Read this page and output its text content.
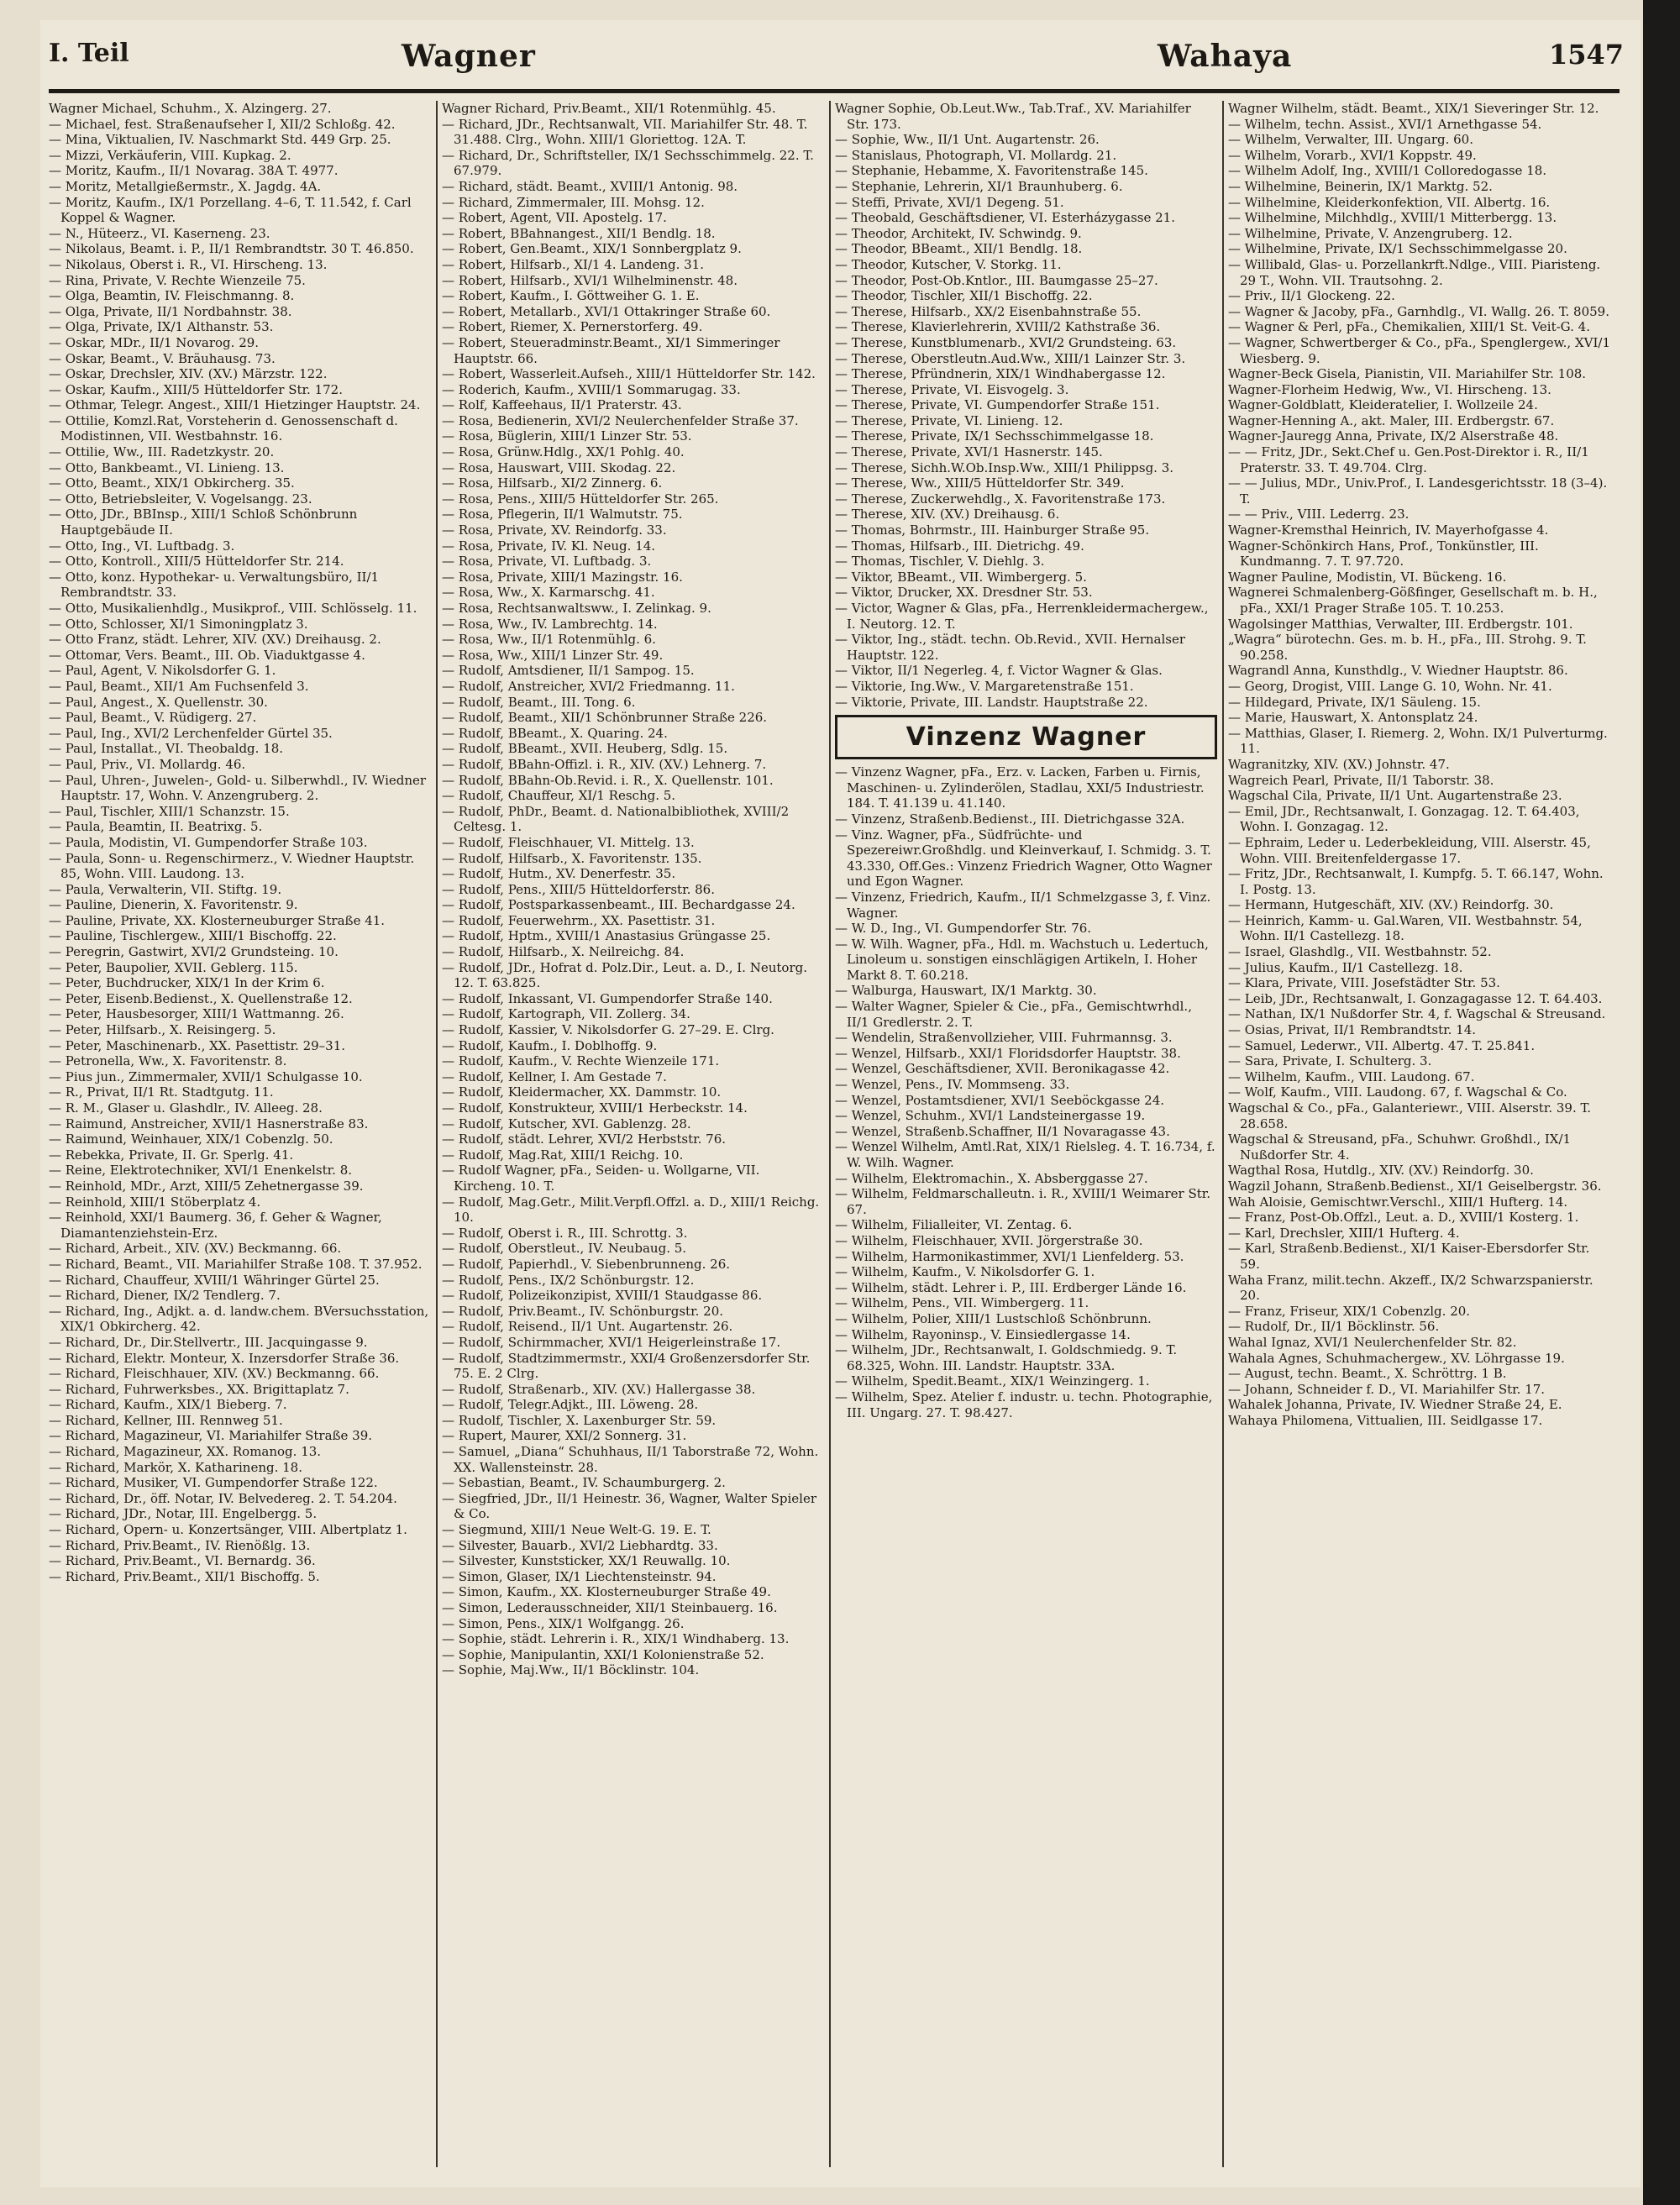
I. Teil	Wagner	Wahaya	1547

Wagner Michael, Schuhm., X. Alzingerg. 27.

— Michael, fest. Straßenaufseher I, XII/2 Schloßg. 42.

— Mina, Viktualien, IV. Naschmarkt Std. 449 Grp. 25.

— Mizzi, Verkäuferin, VIII. Kupkag. 2.

— Moritz, Kaufm., II/1 Novarag. 38A T. 4977.

— Moritz, Metallgießermstr., X. Jagdg. 4A.

— Moritz, Kaufm., IX/1 Porzellang. 4–6, T. 11.542, f. Carl Koppel & Wagner.

— N., Hüteerz., VI. Kaserneng. 23.

— Nikolaus, Beamt. i. P., II/1 Rembrandtstr. 30 T. 46.850.

— Nikolaus, Oberst i. R., VI. Hirscheng. 13.

— Rina, Private, V. Rechte Wienzeile 75.

— Olga, Beamtin, IV. Fleischmanng. 8.

— Olga, Private, II/1 Nordbahnstr. 38.

— Olga, Private, IX/1 Althanstr. 53.

— Oskar, MDr., II/1 Novarog. 29.

— Oskar, Beamt., V. Bräuhausg. 73.

— Oskar, Drechsler, XIV. (XV.) Märzstr. 122.

— Oskar, Kaufm., XIII/5 Hütteldorfer Str. 172.

— Othmar, Telegr. Angest., XIII/1 Hietzinger Hauptstr. 24.

— Ottilie, Komzl.Rat, Vorsteherin d. Genossenschaft d. Modistinnen, VII. Westbahnstr. 16.

— Ottilie, Ww., III. Radetzkystr. 20.

— Otto, Bankbeamt., VI. Linieng. 13.

— Otto, Beamt., XIX/1 Obkircherg. 35.

— Otto, Betriebsleiter, V. Vogelsangg. 23.

— Otto, JDr., BBInsp., XIII/1 Schloß Schönbrunn Hauptgebäude II.

— Otto, Ing., VI. Luftbadg. 3.

— Otto, Kontroll., XIII/5 Hütteldorfer Str. 214.

— Otto, konz. Hypothekar- u. Verwaltungsbüro, II/1 Rembrandtstr. 33.

— Otto, Musikalienhdlg., Musikprof., VIII. Schlösselg. 11.

— Otto, Schlosser, XI/1 Simoningplatz 3.

— Otto Franz, städt. Lehrer, XIV. (XV.) Dreihausg. 2.

— Ottomar, Vers. Beamt., III. Ob. Viaduktgasse 4.

— Paul, Agent, V. Nikolsdorfer G. 1.

— Paul, Beamt., XII/1 Am Fuchsenfeld 3.

— Paul, Angest., X. Quellenstr. 30.

— Paul, Beamt., V. Rüdigerg. 27.

— Paul, Ing., XVI/2 Lerchenfelder Gürtel 35.

— Paul, Installat., VI. Theobaldg. 18.

— Paul, Priv., VI. Mollardg. 46.

— Paul, Uhren-, Juwelen-, Gold- u. Silberwhdl., IV. Wiedner Hauptstr. 17, Wohn. V. Anzengruberg. 2.

— Paul, Tischler, XIII/1 Schanzstr. 15.

— Paula, Beamtin, II. Beatrixg. 5.

— Paula, Modistin, VI. Gumpendorfer Straße 103.

— Paula, Sonn- u. Regenschirmerz., V. Wiedner Hauptstr. 85, Wohn. VIII. Laudong. 13.

— Paula, Verwalterin, VII. Stiftg. 19.

— Pauline, Dienerin, X. Favoritenstr. 9.

— Pauline, Private, XX. Klosterneuburger Straße 41.

— Pauline, Tischlergew., XIII/1 Bischoffg. 22.

— Peregrin, Gastwirt, XVI/2 Grundsteing. 10.

— Peter, Baupolier, XVII. Geblerg. 115.

— Peter, Buchdrucker, XIX/1 In der Krim 6.

— Peter, Eisenb.Bedienst., X. Quellenstraße 12.

— Peter, Hausbesorger, XIII/1 Wattmanng. 26.

— Peter, Hilfsarb., X. Reisingerg. 5.

— Peter, Maschinenarb., XX. Pasettistr. 29–31.

— Petronella, Ww., X. Favoritenstr. 8.

— Pius jun., Zimmermaler, XVII/1 Schulgasse 10.

— R., Privat, II/1 Rt. Stadtgutg. 11.

— R. M., Glaser u. Glashdlr., IV. Alleeg. 28.

— Raimund, Anstreicher, XVII/1 Hasnerstraße 83.

— Raimund, Weinhauer, XIX/1 Cobenzlg. 50.

— Rebekka, Private, II. Gr. Sperlg. 41.

— Reine, Elektrotechniker, XVI/1 Enenkelstr. 8.

— Reinhold, MDr., Arzt, XIII/5 Zehetnergasse 39.

— Reinhold, XIII/1 Stöberplatz 4.

— Reinhold, XXI/1 Baumerg. 36, f. Geher & Wagner, Diamantenziehstein-Erz.

— Richard, Arbeit., XIV. (XV.) Beckmanng. 66.

— Richard, Beamt., VII. Mariahilfer Straße 108. T. 37.952.

— Richard, Chauffeur, XVIII/1 Währinger Gürtel 25.

— Richard, Diener, IX/2 Tendlerg. 7.

— Richard, Ing., Adjkt. a. d. landw.chem. BVersuchsstation, XIX/1 Obkircherg. 42.

— Richard, Dr., Dir.Stellvertr., III. Jacquingasse 9.

— Richard, Elektr. Monteur, X. Inzersdorfer Straße 36.

— Richard, Fleischhauer, XIV. (XV.) Beckmanng. 66.

— Richard, Fuhrwerksbes., XX. Brigittaplatz 7.

— Richard, Kaufm., XIX/1 Bieberg. 7.

— Richard, Kellner, III. Rennweg 51.

— Richard, Magazineur, VI. Mariahilfer Straße 39.

— Richard, Magazineur, XX. Romanog. 13.

— Richard, Markör, X. Katharineng. 18.

— Richard, Musiker, VI. Gumpendorfer Straße 122.

— Richard, Dr., öff. Notar, IV. Belvedereg. 2. T. 54.204.

— Richard, JDr., Notar, III. Engelbergg. 5.

— Richard, Opern- u. Konzertsänger, VIII. Albertplatz 1.

— Richard, Priv.Beamt., IV. Rienößlg. 13.

— Richard, Priv.Beamt., VI. Bernardg. 36.

— Richard, Priv.Beamt., XII/1 Bischoffg. 5.

Wagner Richard, Priv.Beamt., XII/1 Rotenmühlg. 45.

— Richard, JDr., Rechtsanwalt, VII. Mariahilfer Str. 48. T. 31.488. Clrg., Wohn. XIII/1 Gloriettog. 12A. T.

— Richard, Dr., Schriftsteller, IX/1 Sechsschimmelg. 22. T. 67.979.

— Richard, städt. Beamt., XVIII/1 Antonig. 98.

— Richard, Zimmermaler, III. Mohsg. 12.

— Robert, Agent, VII. Apostelg. 17.

— Robert, BBahnangest., XII/1 Bendlg. 18.

— Robert, Gen.Beamt., XIX/1 Sonnbergplatz 9.

— Robert, Hilfsarb., XI/1 4. Landeng. 31.

— Robert, Hilfsarb., XVI/1 Wilhelminenstr. 48.

— Robert, Kaufm., I. Göttweiher G. 1. E.

— Robert, Metallarb., XVI/1 Ottakringer Straße 60.

— Robert, Riemer, X. Pernerstorferg. 49.

— Robert, Steueradminstr.Beamt., XI/1 Simmeringer Hauptstr. 66.

— Robert, Wasserleit.Aufseh., XIII/1 Hütteldorfer Str. 142.

— Roderich, Kaufm., XVIII/1 Sommarugag. 33.

— Rolf, Kaffeehaus, II/1 Praterstr. 43.

— Rosa, Bedienerin, XVI/2 Neulerchenfelder Straße 37.

— Rosa, Büglerin, XIII/1 Linzer Str. 53.

— Rosa, Grünw.Hdlg., XX/1 Pohlg. 40.

— Rosa, Hauswart, VIII. Skodag. 22.

— Rosa, Hilfsarb., XI/2 Zinnerg. 6.

— Rosa, Pens., XIII/5 Hütteldorfer Str. 265.

— Rosa, Pflegerin, II/1 Walmutstr. 75.

— Rosa, Private, XV. Reindorfg. 33.

— Rosa, Private, IV. Kl. Neug. 14.

— Rosa, Private, VI. Luftbadg. 3.

— Rosa, Private, XIII/1 Mazingstr. 16.

— Rosa, Ww., X. Karmarschg. 41.

— Rosa, Rechtsanwaltsww., I. Zelinkag. 9.

— Rosa, Ww., IV. Lambrechtg. 14.

— Rosa, Ww., II/1 Rotenmühlg. 6.

— Rosa, Ww., XIII/1 Linzer Str. 49.

— Rudolf, Amtsdiener, II/1 Sampog. 15.

— Rudolf, Anstreicher, XVI/2 Friedmanng. 11.

— Rudolf, Beamt., III. Tong. 6.

— Rudolf, Beamt., XII/1 Schönbrunner Straße 226.

— Rudolf, BBeamt., X. Quaring. 24.

— Rudolf, BBeamt., XVII. Heuberg, Sdlg. 15.

— Rudolf, BBahn-Offizl. i. R., XIV. (XV.) Lehnerg. 7.

— Rudolf, BBahn-Ob.Revid. i. R., X. Quellenstr. 101.

— Rudolf, Chauffeur, XI/1 Reschg. 5.

— Rudolf, PhDr., Beamt. d. Nationalbibliothek, XVIII/2 Celtesg. 1.

— Rudolf, Fleischhauer, VI. Mittelg. 13.

— Rudolf, Hilfsarb., X. Favoritenstr. 135.

— Rudolf, Hutm., XV. Denerfestr. 35.

— Rudolf, Pens., XIII/5 Hütteldorferstr. 86.

— Rudolf, Postsparkassenbeamt., III. Bechardgasse 24.

— Rudolf, Feuerwehrm., XX. Pasettistr. 31.

— Rudolf, Hptm., XVIII/1 Anastasius Grüngasse 25.

— Rudolf, Hilfsarb., X. Neilreichg. 84.

— Rudolf, JDr., Hofrat d. Polz.Dir., Leut. a. D., I. Neutorg. 12. T. 63.825.

— Rudolf, Inkassant, VI. Gumpendorfer Straße 140.

— Rudolf, Kartograph, VII. Zollerg. 34.

— Rudolf, Kassier, V. Nikolsdorfer G. 27–29. E. Clrg.

— Rudolf, Kaufm., I. Doblhoffg. 9.

— Rudolf, Kaufm., V. Rechte Wienzeile 171.

— Rudolf, Kellner, I. Am Gestade 7.

— Rudolf, Kleidermacher, XX. Dammstr. 10.

— Rudolf, Konstrukteur, XVIII/1 Herbeckstr. 14.

— Rudolf, Kutscher, XVI. Gablenzg. 28.

— Rudolf, städt. Lehrer, XVI/2 Herbststr. 76.

— Rudolf, Mag.Rat, XIII/1 Reichg. 10.

— Rudolf Wagner, pFa., Seiden- u. Wollgarne, VII. Kircheng. 10. T.

— Rudolf, Mag.Getr., Milit.Verpfl.Offzl. a. D., XIII/1 Reichg. 10.

— Rudolf, Oberst i. R., III. Schrottg. 3.

— Rudolf, Oberstleut., IV. Neubaug. 5.

— Rudolf, Papierhdl., V. Siebenbrunneng. 26.

— Rudolf, Pens., IX/2 Schönburgstr. 12.

— Rudolf, Polizeikonzipist, XVIII/1 Staudgasse 86.

— Rudolf, Priv.Beamt., IV. Schönburgstr. 20.

— Rudolf, Reisend., II/1 Unt. Augartenstr. 26.

— Rudolf, Schirmmacher, XVI/1 Heigerleinstraße 17.

— Rudolf, Stadtzimmermstr., XXI/4 Großenzersdorfer Str. 75. E. 2 Clrg.

— Rudolf, Straßenarb., XIV. (XV.) Hallergasse 38.

— Rudolf, Telegr.Adjkt., III. Löweng. 28.

— Rudolf, Tischler, X. Laxenburger Str. 59.

— Rupert, Maurer, XXI/2 Sonnerg. 31.

— Samuel, „Diana“ Schuhhaus, II/1 Taborstraße 72, Wohn. XX. Wallensteinstr. 28.

— Sebastian, Beamt., IV. Schaumburgerg. 2.

— Siegfried, JDr., II/1 Heinestr. 36, Wagner, Walter Spieler & Co.

— Siegmund, XIII/1 Neue Welt-G. 19. E. T.

— Silvester, Bauarb., XVI/2 Liebhardtg. 33.

— Silvester, Kunststicker, XX/1 Reuwallg. 10.

— Simon, Glaser, IX/1 Liechtensteinstr. 94.

— Simon, Kaufm., XX. Klosterneuburger Straße 49.

— Simon, Lederausschneider, XII/1 Steinbauerg. 16.

— Simon, Pens., XIX/1 Wolfgangg. 26.

— Sophie, städt. Lehrerin i. R., XIX/1 Windhaberg. 13.

— Sophie, Manipulantin, XXI/1 Kolonienstraße 52.

— Sophie, Maj.Ww., II/1 Böcklinstr. 104.

Wagner Sophie, Ob.Leut.Ww., Tab.Traf., XV. Mariahilfer Str. 173.

— Sophie, Ww., II/1 Unt. Augartenstr. 26.

— Stanislaus, Photograph, VI. Mollardg. 21.

— Stephanie, Hebamme, X. Favoritenstraße 145.

— Stephanie, Lehrerin, XI/1 Braunhuberg. 6.

— Steffi, Private, XVI/1 Degeng. 51.

— Theobald, Geschäftsdiener, VI. Esterházygasse 21.

— Theodor, Architekt, IV. Schwindg. 9.

— Theodor, BBeamt., XII/1 Bendlg. 18.

— Theodor, Kutscher, V. Storkg. 11.

— Theodor, Post-Ob.Kntlor., III. Baumgasse 25–27.

— Theodor, Tischler, XII/1 Bischoffg. 22.

— Therese, Hilfsarb., XX/2 Eisenbahnstraße 55.

— Therese, Klavierlehrerin, XVIII/2 Kathstraße 36.

— Therese, Kunstblumenarb., XVI/2 Grundsteing. 63.

— Therese, Oberstleutn.Aud.Ww., XIII/1 Lainzer Str. 3.

— Therese, Pfründnerin, XIX/1 Windhabergasse 12.

— Therese, Private, VI. Eisvogelg. 3.

— Therese, Private, VI. Gumpendorfer Straße 151.

— Therese, Private, VI. Linieng. 12.

— Therese, Private, IX/1 Sechsschimmelgasse 18.

— Therese, Private, XVI/1 Hasnerstr. 145.

— Therese, Sichh.W.Ob.Insp.Ww., XIII/1 Philippsg. 3.

— Therese, Ww., XIII/5 Hütteldorfer Str. 349.

— Therese, Zuckerwehdlg., X. Favoritenstraße 173.

— Therese, XIV. (XV.) Dreihausg. 6.

— Thomas, Bohrmstr., III. Hainburger Straße 95.

— Thomas, Hilfsarb., III. Dietrichg. 49.

— Thomas, Tischler, V. Diehlg. 3.

— Viktor, BBeamt., VII. Wimbergerg. 5.

— Viktor, Drucker, XX. Dresdner Str. 53.

— Victor, Wagner & Glas, pFa., Herrenkleidermachergew., I. Neutorg. 12. T.

— Viktor, Ing., städt. techn. Ob.Revid., XVII. Hernalser Hauptstr. 122.

— Viktor, II/1 Negerleg. 4, f. Victor Wagner & Glas.

— Viktorie, Ing.Ww., V. Margaretenstraße 151.

— Viktorie, Private, III. Landstr. Hauptstraße 22.

Vinzenz Wagner

— Vinzenz Wagner, pFa., Erz. v. Lacken, Farben u. Firnis, Maschinen- u. Zylinderölen, Stadlau, XXI/5 Industriestr. 184. T. 41.139 u. 41.140.

— Vinzenz, Straßenb.Bedienst., III. Dietrichgasse 32A.

— Vinz. Wagner, pFa., Südfrüchte- und Spezereiwr.Großhdlg. und Kleinverkauf, I. Schmidg. 3. T. 43.330, Off.Ges.: Vinzenz Friedrich Wagner, Otto Wagner und Egon Wagner.

— Vinzenz, Friedrich, Kaufm., II/1 Schmelzgasse 3, f. Vinz. Wagner.

— W. D., Ing., VI. Gumpendorfer Str. 76.

— W. Wilh. Wagner, pFa., Hdl. m. Wachstuch u. Ledertuch, Linoleum u. sonstigen einschlägigen Artikeln, I. Hoher Markt 8. T. 60.218.

— Walburga, Hauswart, IX/1 Marktg. 30.

— Walter Wagner, Spieler & Cie., pFa., Gemischtwrhdl., II/1 Gredlerstr. 2. T.

— Wendelin, Straßenvollzieher, VIII. Fuhrmannsg. 3.

— Wenzel, Hilfsarb., XXI/1 Floridsdorfer Hauptstr. 38.

— Wenzel, Geschäftsdiener, XVII. Beronikagasse 42.

— Wenzel, Pens., IV. Mommseng. 33.

— Wenzel, Postamtsdiener, XVI/1 Seeböckgasse 24.

— Wenzel, Schuhm., XVI/1 Landsteinergasse 19.

— Wenzel, Straßenb.Schaffner, II/1 Novaragasse 43.

— Wenzel Wilhelm, Amtl.Rat, XIX/1 Rielsleg. 4. T. 16.734, f. W. Wilh. Wagner.

— Wilhelm, Elektromachin., X. Absberggasse 27.

— Wilhelm, Feldmarschalleutn. i. R., XVIII/1 Weimarer Str. 67.

— Wilhelm, Filialleiter, VI. Zentag. 6.

— Wilhelm, Fleischhauer, XVII. Jörgerstraße 30.

— Wilhelm, Harmonikastimmer, XVI/1 Lienfelderg. 53.

— Wilhelm, Kaufm., V. Nikolsdorfer G. 1.

— Wilhelm, städt. Lehrer i. P., III. Erdberger Lände 16.

— Wilhelm, Pens., VII. Wimbergerg. 11.

— Wilhelm, Polier, XIII/1 Lustschloß Schönbrunn.

— Wilhelm, Rayoninsp., V. Einsiedlergasse 14.

— Wilhelm, JDr., Rechtsanwalt, I. Goldschmiedg. 9. T. 68.325, Wohn. III. Landstr. Hauptstr. 33A.

— Wilhelm, Spedit.Beamt., XIX/1 Weinzingerg. 1.

— Wilhelm, Spez. Atelier f. industr. u. techn. Photographie, III. Ungarg. 27. T. 98.427.

Wagner Wilhelm, städt. Beamt., XIX/1 Sieveringer Str. 12.

— Wilhelm, techn. Assist., XVI/1 Arnethgasse 54.

— Wilhelm, Verwalter, III. Ungarg. 60.

— Wilhelm, Vorarb., XVI/1 Koppstr. 49.

— Wilhelm Adolf, Ing., XVIII/1 Colloredogasse 18.

— Wilhelmine, Beinerin, IX/1 Marktg. 52.

— Wilhelmine, Kleiderkonfektion, VII. Albertg. 16.

— Wilhelmine, Milchhdlg., XVIII/1 Mitterbergg. 13.

— Wilhelmine, Private, V. Anzengruberg. 12.

— Wilhelmine, Private, IX/1 Sechsschimmelgasse 20.

— Willibald, Glas- u. Porzellankrft.Ndlge., VIII. Piaristeng. 29 T., Wohn. VII. Trautsohng. 2.

— Priv., II/1 Glockeng. 22.

— Wagner & Jacoby, pFa., Garnhdlg., VI. Wallg. 26. T. 8059.

— Wagner & Perl, pFa., Chemikalien, XIII/1 St. Veit-G. 4.

— Wagner, Schwertberger & Co., pFa., Spenglergew., XVI/1 Wiesberg. 9.

Wagner-Beck Gisela, Pianistin, VII. Mariahilfer Str. 108.

Wagner-Florheim Hedwig, Ww., VI. Hirscheng. 13.

Wagner-Goldblatt, Kleideratelier, I. Wollzeile 24.

Wagner-Henning A., akt. Maler, III. Erdbergstr. 67.

Wagner-Jauregg Anna, Private, IX/2 Alserstraße 48.

— — Fritz, JDr., Sekt.Chef u. Gen.Post-Direktor i. R., II/1 Praterstr. 33. T. 49.704. Clrg.

— — Julius, MDr., Univ.Prof., I. Landesgerichtsstr. 18 (3–4). T.

— — Priv., VIII. Lederrg. 23.

Wagner-Kremsthal Heinrich, IV. Mayerhofgasse 4.

Wagner-Schönkirch Hans, Prof., Tonkünstler, III. Kundmanng. 7. T. 97.720.

Wagner Pauline, Modistin, VI. Bückeng. 16.

Wagnerei Schmalenberg-Gößfinger, Gesellschaft m. b. H., pFa., XXI/1 Prager Straße 105. T. 10.253.

Wagolsinger Matthias, Verwalter, III. Erdbergstr. 101.

„Wagra“ bürotechn. Ges. m. b. H., pFa., III. Strohg. 9. T. 90.258.

Wagrandl Anna, Kunsthdlg., V. Wiedner Hauptstr. 86.

— Georg, Drogist, VIII. Lange G. 10, Wohn. Nr. 41.

— Hildegard, Private, IX/1 Säuleng. 15.

— Marie, Hauswart, X. Antonsplatz 24.

— Matthias, Glaser, I. Riemerg. 2, Wohn. IX/1 Pulverturmg. 11.

Wagranitzky, XIV. (XV.) Johnstr. 47.

Wagreich Pearl, Private, II/1 Taborstr. 38.

Wagschal Cila, Private, II/1 Unt. Augartenstraße 23.

— Emil, JDr., Rechtsanwalt, I. Gonzagag. 12. T. 64.403, Wohn. I. Gonzagag. 12.

— Ephraim, Leder u. Lederbekleidung, VIII. Alserstr. 45, Wohn. VIII. Breitenfeldergasse 17.

— Fritz, JDr., Rechtsanwalt, I. Kumpfg. 5. T. 66.147, Wohn. I. Postg. 13.

— Hermann, Hutgeschäft, XIV. (XV.) Reindorfg. 30.

— Heinrich, Kamm- u. Gal.Waren, VII. Westbahnstr. 54, Wohn. II/1 Castellezg. 18.

— Israel, Glashdlg., VII. Westbahnstr. 52.

— Julius, Kaufm., II/1 Castellezg. 18.

— Klara, Private, VIII. Josefstädter Str. 53.

— Leib, JDr., Rechtsanwalt, I. Gonzagagasse 12. T. 64.403.

— Nathan, IX/1 Nußdorfer Str. 4, f. Wagschal & Streusand.

— Osias, Privat, II/1 Rembrandtstr. 14.

— Samuel, Lederwr., VII. Albertg. 47. T. 25.841.

— Sara, Private, I. Schulterg. 3.

— Wilhelm, Kaufm., VIII. Laudong. 67.

— Wolf, Kaufm., VIII. Laudong. 67, f. Wagschal & Co.

Wagschal & Co., pFa., Galanteriewr., VIII. Alserstr. 39. T. 28.658.

Wagschal & Streusand, pFa., Schuhwr. Großhdl., IX/1 Nußdorfer Str. 4.

Wagthal Rosa, Hutdlg., XIV. (XV.) Reindorfg. 30.

Wagzil Johann, Straßenb.Bedienst., XI/1 Geiselbergstr. 36.

Wah Aloisie, Gemischtwr.Verschl., XIII/1 Hufterg. 14.

— Franz, Post-Ob.Offzl., Leut. a. D., XVIII/1 Kosterg. 1.

— Karl, Drechsler, XIII/1 Hufterg. 4.

— Karl, Straßenb.Bedienst., XI/1 Kaiser-Ebersdorfer Str. 59.

Waha Franz, milit.techn. Akzeff., IX/2 Schwarzspanierstr. 20.

— Franz, Friseur, XIX/1 Cobenzlg. 20.

— Rudolf, Dr., II/1 Böcklinstr. 56.

Wahal Ignaz, XVI/1 Neulerchenfelder Str. 82.

Wahala Agnes, Schuhmachergew., XV. Löhrgasse 19.

— August, techn. Beamt., X. Schröttrg. 1 B.

— Johann, Schneider f. D., VI. Mariahilfer Str. 17.

Wahalek Johanna, Private, IV. Wiedner Straße 24, E.

Wahaya Philomena, Vittualien, III. Seidlgasse 17.
